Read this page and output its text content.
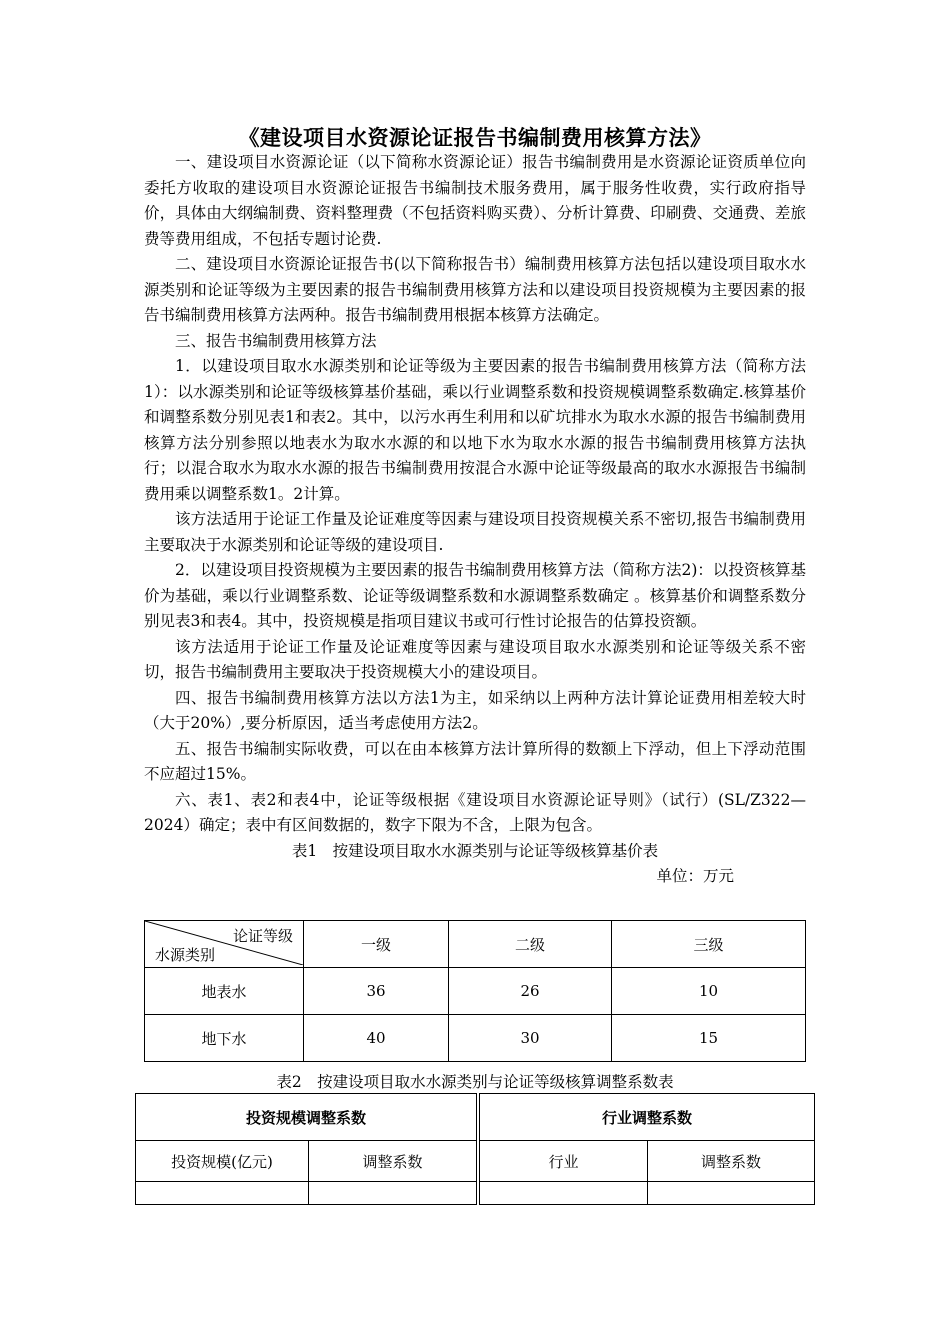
《建设项目水资源论证报告书编制费用核算方法》

一、建设项目水资源论证（以下简称水资源论证）报告书编制费用是水资源论证资质单位向委托方收取的建设项目水资源论证报告书编制技术服务费用，属于服务性收费，实行政府指导价，具体由大纲编制费、资料整理费（不包括资料购买费）、分析计算费、印刷费、交通费、差旅费等费用组成，不包括专题讨论费.

二、建设项目水资源论证报告书(以下简称报告书）编制费用核算方法包括以建设项目取水水源类别和论证等级为主要因素的报告书编制费用核算方法和以建设项目投资规模为主要因素的报告书编制费用核算方法两种。报告书编制费用根据本核算方法确定。

三、报告书编制费用核算方法

1．以建设项目取水水源类别和论证等级为主要因素的报告书编制费用核算方法（简称方法1）：以水源类别和论证等级核算基价基础，乘以行业调整系数和投资规模调整系数确定.核算基价和调整系数分别见表1和表2。其中，以污水再生利用和以矿坑排水为取水水源的报告书编制费用核算方法分别参照以地表水为取水水源的和以地下水为取水水源的报告书编制费用核算方法执行；以混合取水为取水水源的报告书编制费用按混合水源中论证等级最高的取水水源报告书编制费用乘以调整系数1。2计算。

该方法适用于论证工作量及论证难度等因素与建设项目投资规模关系不密切,报告书编制费用主要取决于水源类别和论证等级的建设项目.

2．以建设项目投资规模为主要因素的报告书编制费用核算方法（简称方法2)：以投资核算基价为基础，乘以行业调整系数、论证等级调整系数和水源调整系数确定 。核算基价和调整系数分别见表3和表4。其中，投资规模是指项目建议书或可行性讨论报告的估算投资额。

该方法适用于论证工作量及论证难度等因素与建设项目取水水源类别和论证等级关系不密切，报告书编制费用主要取决于投资规模大小的建设项目。

四、报告书编制费用核算方法以方法1为主，如采纳以上两种方法计算论证费用相差较大时（大于20%）,要分析原因，适当考虑使用方法2。

五、报告书编制实际收费，可以在由本核算方法计算所得的数额上下浮动，但上下浮动范围不应超过15%。

六、表1、表2和表4中，论证等级根据《建设项目水资源论证导则》（试行）(SL/Z322—2024）确定；表中有区间数据的，数字下限为不含，上限为包含。

表1　按建设项目取水水源类别与论证等级核算基价表

单位：万元

论证等级
水源类别	一级	二级	三级
地表水	36	26	10
地下水	40	30	15
表2　按建设项目取水水源类别与论证等级核算调整系数表
投资规模调整系数		行业调整系数	
投资规模(亿元)	调整系数	行业	调整系数
